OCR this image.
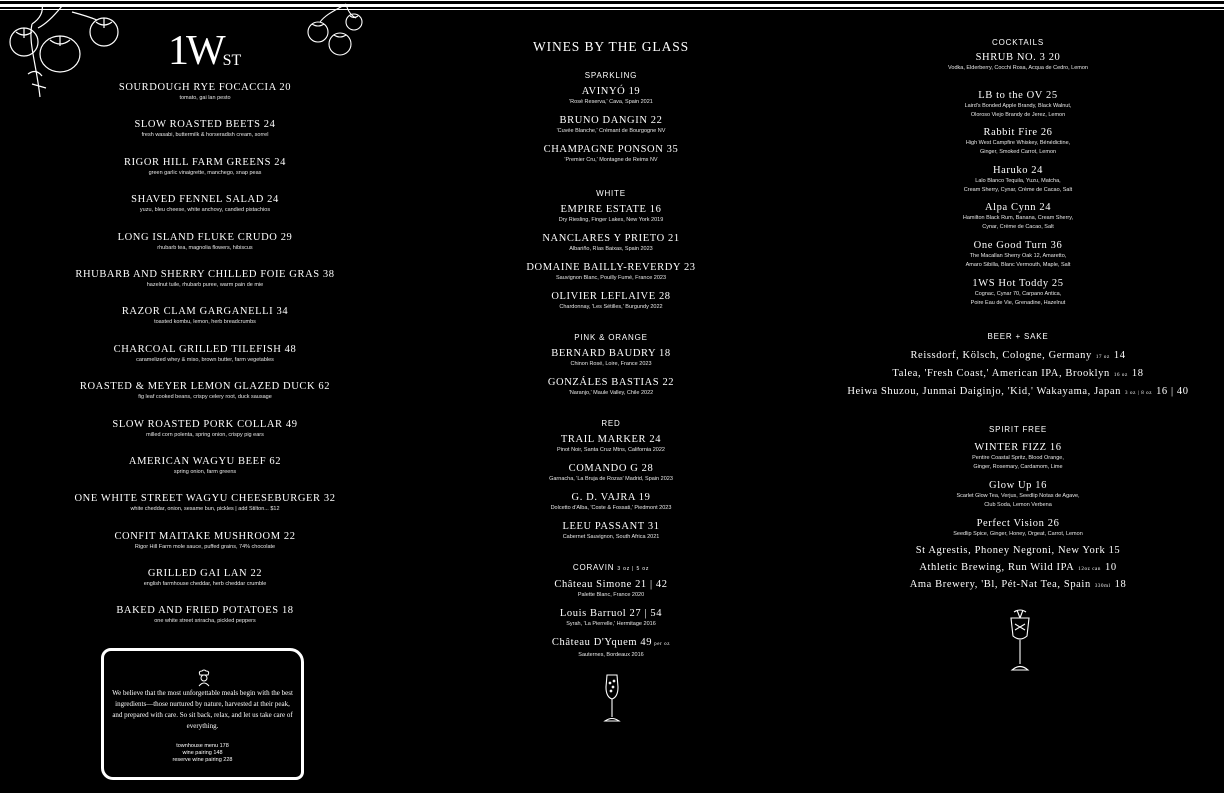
$1W^{ST}$
SOURDOUGH RYE FOCACCIA 20
tomato, gai lan pesto
SLOW ROASTED BEETS 24
fresh wasabi, buttermilk & horseradish cream, sorrel
RIGOR HILL FARM GREENS 24
green garlic vinaigrette, manchego, snap peas
SHAVED FENNEL SALAD 24
yuzu, bleu cheese, white anchovy, candied pistachios
LONG ISLAND FLUKE CRUDO 29
rhubarb tea, magnolia flowers, hibiscus
RHUBARB AND SHERRY CHILLED FOIE GRAS 38
hazelnut tuile, rhubarb puree, warm pain de mie
RAZOR CLAM GARGANELLI 34
toasted kombu, lemon, herb breadcrumbs
CHARCOAL GRILLED TILEFISH 48
caramelized whey & miso, brown butter, farm vegetables
ROASTED & MEYER LEMON GLAZED DUCK 62
fig leaf cooked beans, crispy celery root, duck sausage
SLOW ROASTED PORK COLLAR 49
milled corn polenta, spring onion, crispy pig ears
AMERICAN WAGYU BEEF 62
spring onion, farm greens
ONE WHITE STREET WAGYU CHEESEBURGER 32
white cheddar, onion, sesame bun, pickles | add Stilton... $12
CONFIT MAITAKE MUSHROOM 22
Rigor Hill Farm mole sauce, puffed grains, 74% chocolate
GRILLED GAI LAN 22
english farmhouse cheddar, herb cheddar crumble
BAKED AND FRIED POTATOES 18
one white street sriracha, pickled peppers
We believe that the most unforgettable meals begin with the best ingredients—those nurtured by nature, harvested at their peak, and prepared with care. So sit back, relax, and let us take care of everything.
townhouse menu 178
wine pairing 148
reserve wine pairing 228
WINES BY THE GLASS
SPARKLING
AVINYÓ 19
'Rosé Reserva,' Cava, Spain 2021
BRUNO DANGIN 22
'Cuvée Blanche,' Crémant de Bourgogne NV
CHAMPAGNE PONSON 35
'Premier Cru,' Montagne de Reims NV
WHITE
EMPIRE ESTATE 16
Dry Riesling, Finger Lakes, New York 2019
NANCLARES Y PRIETO 21
Albariño, Rías Baixas, Spain 2023
DOMAINE BAILLY-REVERDY 23
Sauvignon Blanc, Pouilly Fumé, France 2023
OLIVIER LEFLAIVE 28
Chardonnay, 'Les Sétilles,' Burgundy 2022
PINK & ORANGE
BERNARD BAUDRY 18
Chinon Rosé, Loire, France 2023
GONZÁLES BASTIAS 22
'Naranjo,' Maule Valley, Chile 2022
RED
TRAIL MARKER 24
Pinot Noir, Santa Cruz Mtns, California 2022
COMANDO G 28
Garnacha, 'La Bruja de Rozas' Madrid, Spain 2023
G. D. VAJRA 19
Dolcetto d'Alba, 'Coste & Fossati,' Piedmont 2023
LEEU PASSANT 31
Cabernet Sauvignon, South Africa 2021
CORAVIN 3 oz | 5 oz
Château Simone 21 | 42
Palette Blanc, France 2020
Louis Barruol 27 | 54
Syrah, 'La Pierrelle,' Hermitage 2016
Château D'Yquem 49 per oz
Sauternes, Bordeaux 2016
COCKTAILS
SHRUB NO. 3 20
Vodka, Elderberry, Cocchi Rosa, Acqua de Cedro, Lemon
LB to the OV 25
Laird's Bonded Apple Brandy, Black Walnut,
Oloroso Viejo Brandy de Jerez, Lemon
Rabbit Fire 26
High West Campfire Whiskey, Bénédictine,
Ginger, Smoked Carrot, Lemon
Haruko 24
Lalo Blanco Tequila, Yuzu, Matcha,
Cream Sherry, Cynar, Crème de Cacao, Salt
Alpa Cynn 24
Hamilton Black Rum, Banana, Cream Sherry,
Cynar, Crème de Cacao, Salt
One Good Turn 36
The Macallan Sherry Oak 12, Amaretto,
Amaro Sibilla, Blanc Vermouth, Maple, Salt
1WS Hot Toddy 25
Cognac, Cynar 70, Carpano Antica,
Poire Eau de Vie, Grenadine, Hazelnut
BEER + SAKE
Reissdorf, Kölsch, Cologne, Germany 17 oz 14
Talea, 'Fresh Coast,' American IPA, Brooklyn 16 oz 18
Heiwa Shuzou, Junmai Daiginjo, 'Kid,' Wakayama, Japan 3 oz | 8 oz 16 | 40
SPIRIT FREE
WINTER FIZZ 16
Pentire Coastal Spritz, Blood Orange,
Ginger, Rosemary, Cardamom, Lime
Glow Up 16
Scarlet Glow Tea, Verjus, Seedlip Notas de Agave,
Club Soda, Lemon Verbena
Perfect Vision 26
Seedlip Spice, Ginger, Honey, Orgeat, Carrot, Lemon
St Agrestis, Phoney Negroni, New York 15
Athletic Brewing, Run Wild IPA 12oz can 10
Ama Brewery, 'Bl, Pét-Nat Tea, Spain 330ml 18
